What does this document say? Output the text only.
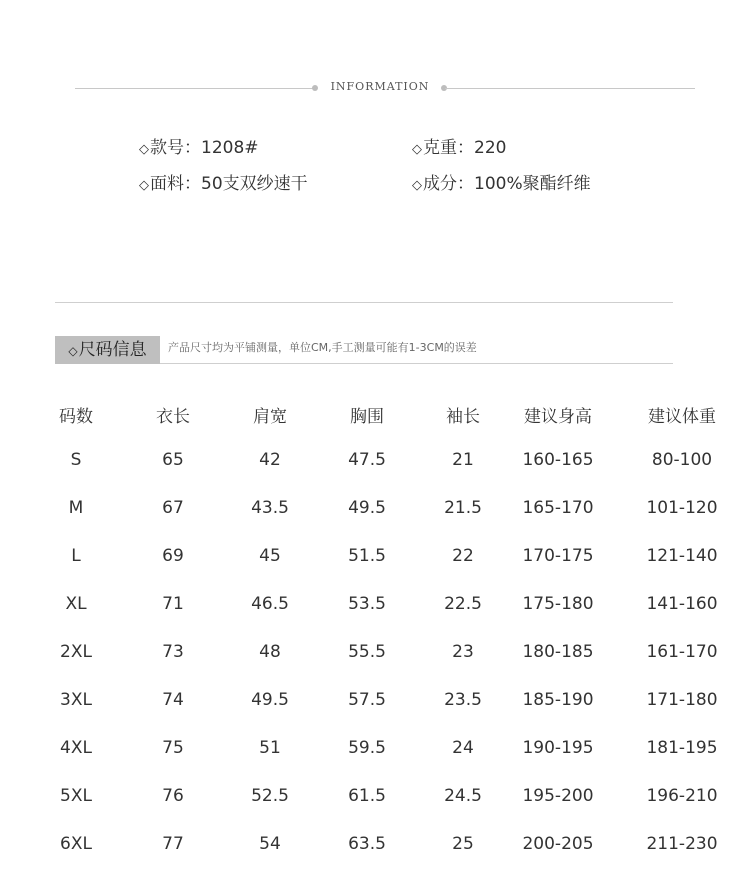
INFORMATION
◇款号：1208#	◇克重：220
◇面料：50支双纱速干	◇成分：100%聚酯纤维
◇尺码信息	产品尺寸均为平铺测量，单位CM,手工测量可能有1-3CM的误差
码数	衣长	肩宽	胸围	袖长	建议身高	建议体重
S	65	42	47.5	21	160-165	80-100
M	67	43.5	49.5	21.5	165-170	101-120
L	69	45	51.5	22	170-175	121-140
XL	71	46.5	53.5	22.5	175-180	141-160
2XL	73	48	55.5	23	180-185	161-170
3XL	74	49.5	57.5	23.5	185-190	171-180
4XL	75	51	59.5	24	190-195	181-195
5XL	76	52.5	61.5	24.5	195-200	196-210
6XL	77	54	63.5	25	200-205	211-230
